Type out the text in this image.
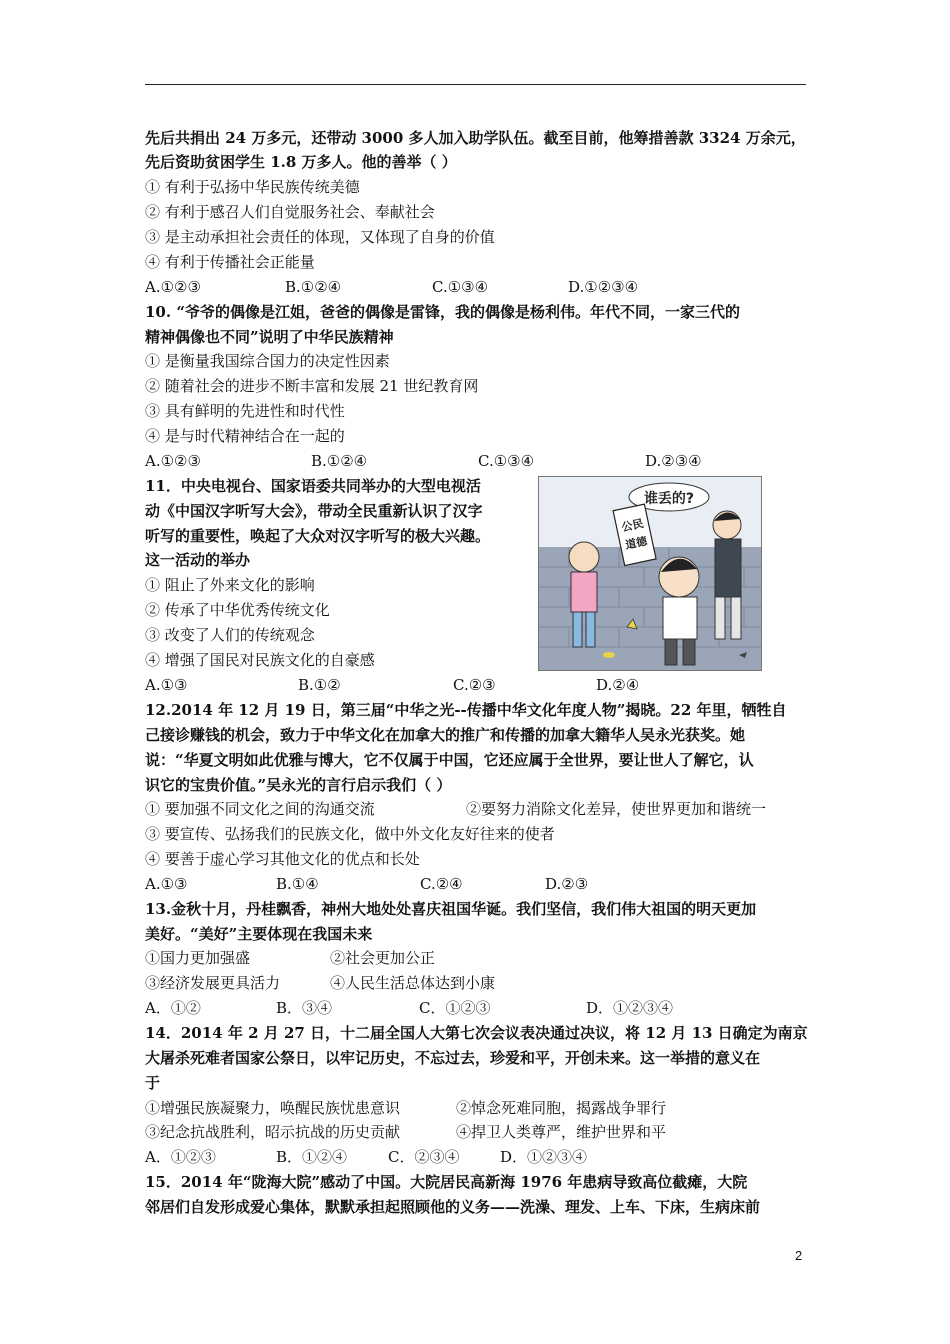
先后共捐出 24 万多元，还带动 3000 多人加入助学队伍。截至目前，他筹措善款 3324 万余元，
先后资助贫困学生 1.8 万多人。他的善举（ ）
① 有利于弘扬中华民族传统美德
② 有利于感召人们自觉服务社会、奉献社会
③ 是主动承担社会责任的体现，又体现了自身的价值
④ 有利于传播社会正能量
A.①②③	B.①②④	C.①③④	D.①②③④
10. “爷爷的偶像是江姐，爸爸的偶像是雷锋，我的偶像是杨利伟。年代不同，一家三代的
精神偶像也不同”说明了中华民族精神
① 是衡量我国综合国力的决定性因素
② 随着社会的进步不断丰富和发展 21 世纪教育网
③ 具有鲜明的先进性和时代性
④ 是与时代精神结合在一起的
A.①②③	B.①②④	C.①③④	D.②③④
11．中央电视台、国家语委共同举办的大型电视活
动《中国汉字听写大会》，带动全民重新认识了汉字
听写的重要性，唤起了大众对汉字听写的极大兴趣。
这一活动的举办
① 阻止了外来文化的影响
② 传承了中华优秀传统文化
③ 改变了人们的传统观念
④ 增强了国民对民族文化的自豪感
A.①③	B.①②	C.②③	D.②④
谁丢的?
公民
道德
12.2014 年 12 月 19 日，第三届“中华之光--传播中华文化年度人物”揭晓。22 年里，牺牲自
己接诊赚钱的机会，致力于中华文化在加拿大的推广和传播的加拿大籍华人吴永光获奖。她
说：“华夏文明如此优雅与博大，它不仅属于中国，它还应属于全世界，要让世人了解它，认
识它的宝贵价值。”吴永光的言行启示我们（ ）
① 要加强不同文化之间的沟通交流	②要努力消除文化差异，使世界更加和谐统一
③ 要宣传、弘扬我们的民族文化，做中外文化友好往来的使者
④ 要善于虚心学习其他文化的优点和长处
A.①③	B.①④	C.②④	D.②③
13.金秋十月，丹桂飘香，神州大地处处喜庆祖国华诞。我们坚信，我们伟大祖国的明天更加
美好。“美好”主要体现在我国未来
①国力更加强盛	②社会更加公正
③经济发展更具活力	④人民生活总体达到小康
A．①②	B．③④	C．①②③	D．①②③④
14．2014 年 2 月 27 日，十二届全国人大第七次会议表决通过决议，将 12 月 13 日确定为南京
大屠杀死难者国家公祭日，以牢记历史，不忘过去，珍爱和平，开创未来。这一举措的意义在
于
①增强民族凝聚力，唤醒民族忧患意识	②悼念死难同胞，揭露战争罪行
③纪念抗战胜利，昭示抗战的历史贡献	④捍卫人类尊严，维护世界和平
A．①②③	B．①②④	C．②③④	D．①②③④
15．2014 年“陇海大院”感动了中国。大院居民高新海 1976 年患病导致高位截瘫，大院
邻居们自发形成爱心集体，默默承担起照顾他的义务——洗澡、理发、上车、下床，生病床前
2
